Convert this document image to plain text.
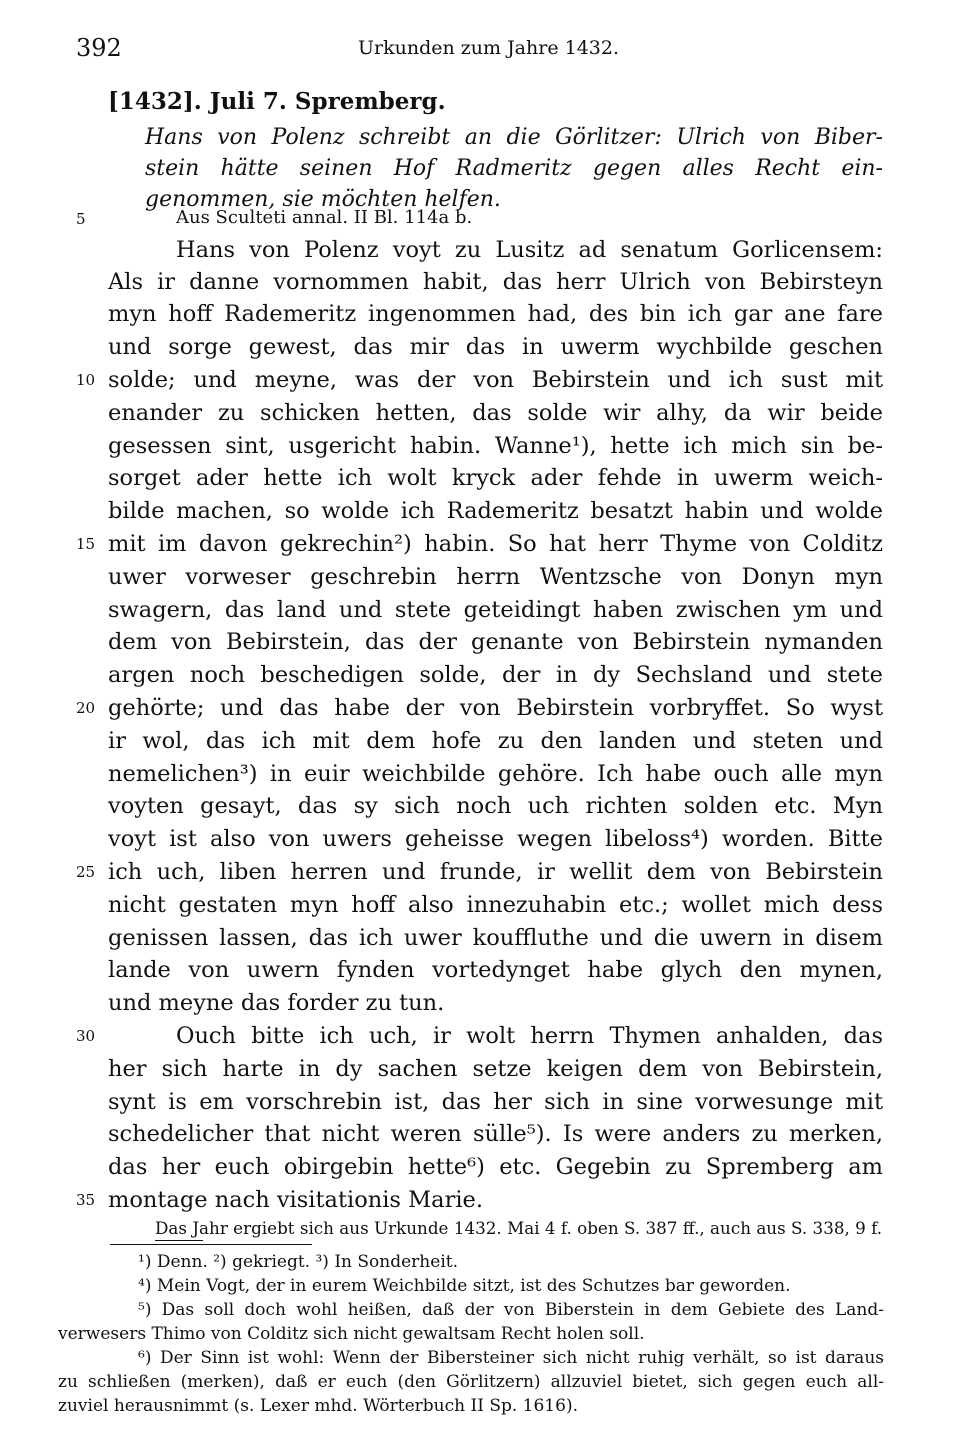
392	Urkunden zum Jahre 1432.
[1432]. Juli 7. Spremberg.
Hans von Polenz schreibt an die Görlitzer: Ulrich von Biber-
stein hätte seinen Hof Radmeritz gegen alles Recht ein-
genommen, sie möchten helfen.
5	Aus Sculteti annal. II Bl. 114a b.
Hans von Polenz voyt zu Lusitz ad senatum Gorlicensem:
Als ir danne vornommen habit, das herr Ulrich von Bebirsteyn
myn hoff Rademeritz ingenommen had, des bin ich gar ane fare
und sorge gewest, das mir das in uwerm wychbilde geschen
10 solde; und meyne, was der von Bebirstein und ich sust mit
enander zu schicken hetten, das solde wir alhy, da wir beide
gesessen sint, usgericht habin. Wanne¹), hette ich mich sin be-
sorget ader hette ich wolt kryck ader fehde in uwerm weich-
bilde machen, so wolde ich Rademeritz besatzt habin und wolde
15 mit im davon gekrechin²) habin. So hat herr Thyme von Colditz
uwer vorweser geschrebin herrn Wentzsche von Donyn myn
swagern, das land und stete geteidingt haben zwischen ym und
dem von Bebirstein, das der genante von Bebirstein nymanden
argen noch beschedigen solde, der in dy Sechsland und stete
20 gehörte; und das habe der von Bebirstein vorbryffet. So wyst
ir wol, das ich mit dem hofe zu den landen und steten und
nemelichen³) in euir weichbilde gehöre. Ich habe ouch alle myn
voyten gesayt, das sy sich noch uch richten solden etc. Myn
voyt ist also von uwers geheisse wegen libeloss⁴) worden. Bitte
25 ich uch, liben herren und frunde, ir wellit dem von Bebirstein
nicht gestaten myn hoff also innezuhabin etc.; wollet mich dess
genissen lassen, das ich uwer kouffluthe und die uwern in disem
lande von uwern fynden vortedynget habe glych den mynen,
und meyne das forder zu tun.
30	Ouch bitte ich uch, ir wolt herrn Thymen anhalden, das
her sich harte in dy sachen setze keigen dem von Bebirstein,
synt is em vorschrebin ist, das her sich in sine vorwesunge mit
schedelicher that nicht weren sülle⁵). Is were anders zu merken,
das her euch obirgebin hette⁶) etc. Gegebin zu Spremberg am
35 montage nach visitationis Marie.
Das Jahr ergiebt sich aus Urkunde 1432. Mai 4 f. oben S. 387 ff., auch aus S. 338, 9 f.
¹) Denn. ²) gekriegt. ³) In Sonderheit.
⁴) Mein Vogt, der in eurem Weichbilde sitzt, ist des Schutzes bar geworden.
⁵) Das soll doch wohl heißen, daß der von Biberstein in dem Gebiete des Land-
verwesers Thimo von Colditz sich nicht gewaltsam Recht holen soll.
⁶) Der Sinn ist wohl: Wenn der Bibersteiner sich nicht ruhig verhält, so ist daraus
zu schließen (merken), daß er euch (den Görlitzern) allzuviel bietet, sich gegen euch all-
zuviel herausnimmt (s. Lexer mhd. Wörterbuch II Sp. 1616).
